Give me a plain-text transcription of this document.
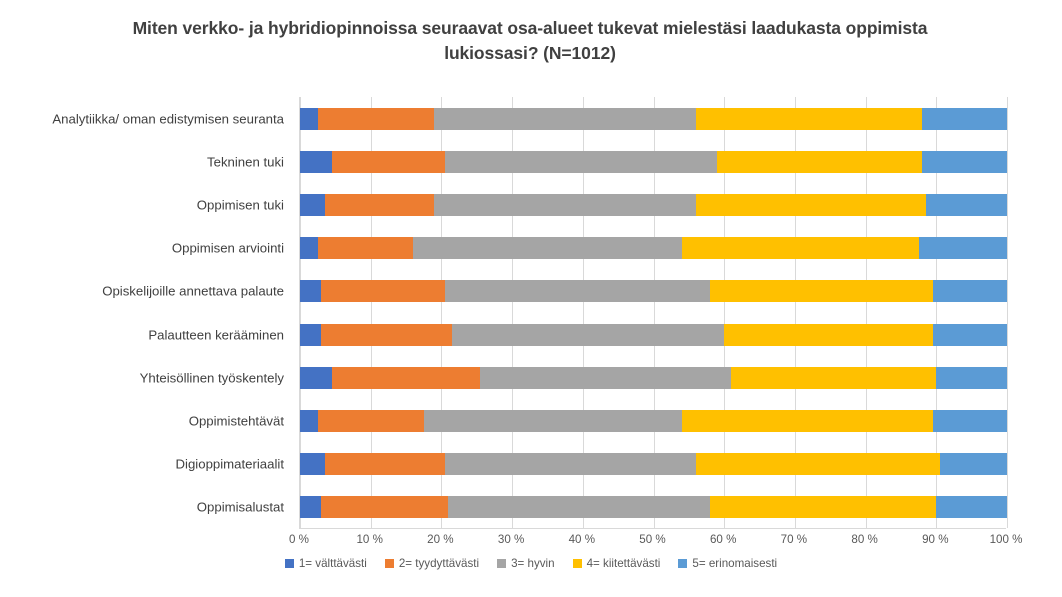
Miten verkko- ja hybridiopinnoissa seuraavat osa-alueet tukevat mielestäsi laadukasta oppimista lukiossasi? (N=1012)
Analytiikka/ oman edistymisen seuranta
Tekninen tuki
Oppimisen tuki
Oppimisen arviointi
Opiskelijoille annettava palaute
Palautteen kerääminen
Yhteisöllinen työskentely
Oppimistehtävät
Digioppimateriaalit
Oppimisalustat
0 %	10 %	20 %	30 %	40 %	50 %	60 %	70 %	80 %	90 %	100 %
1= välttävästi	2= tyydyttävästi	3= hyvin	4= kiitettävästi	5= erinomaisesti
